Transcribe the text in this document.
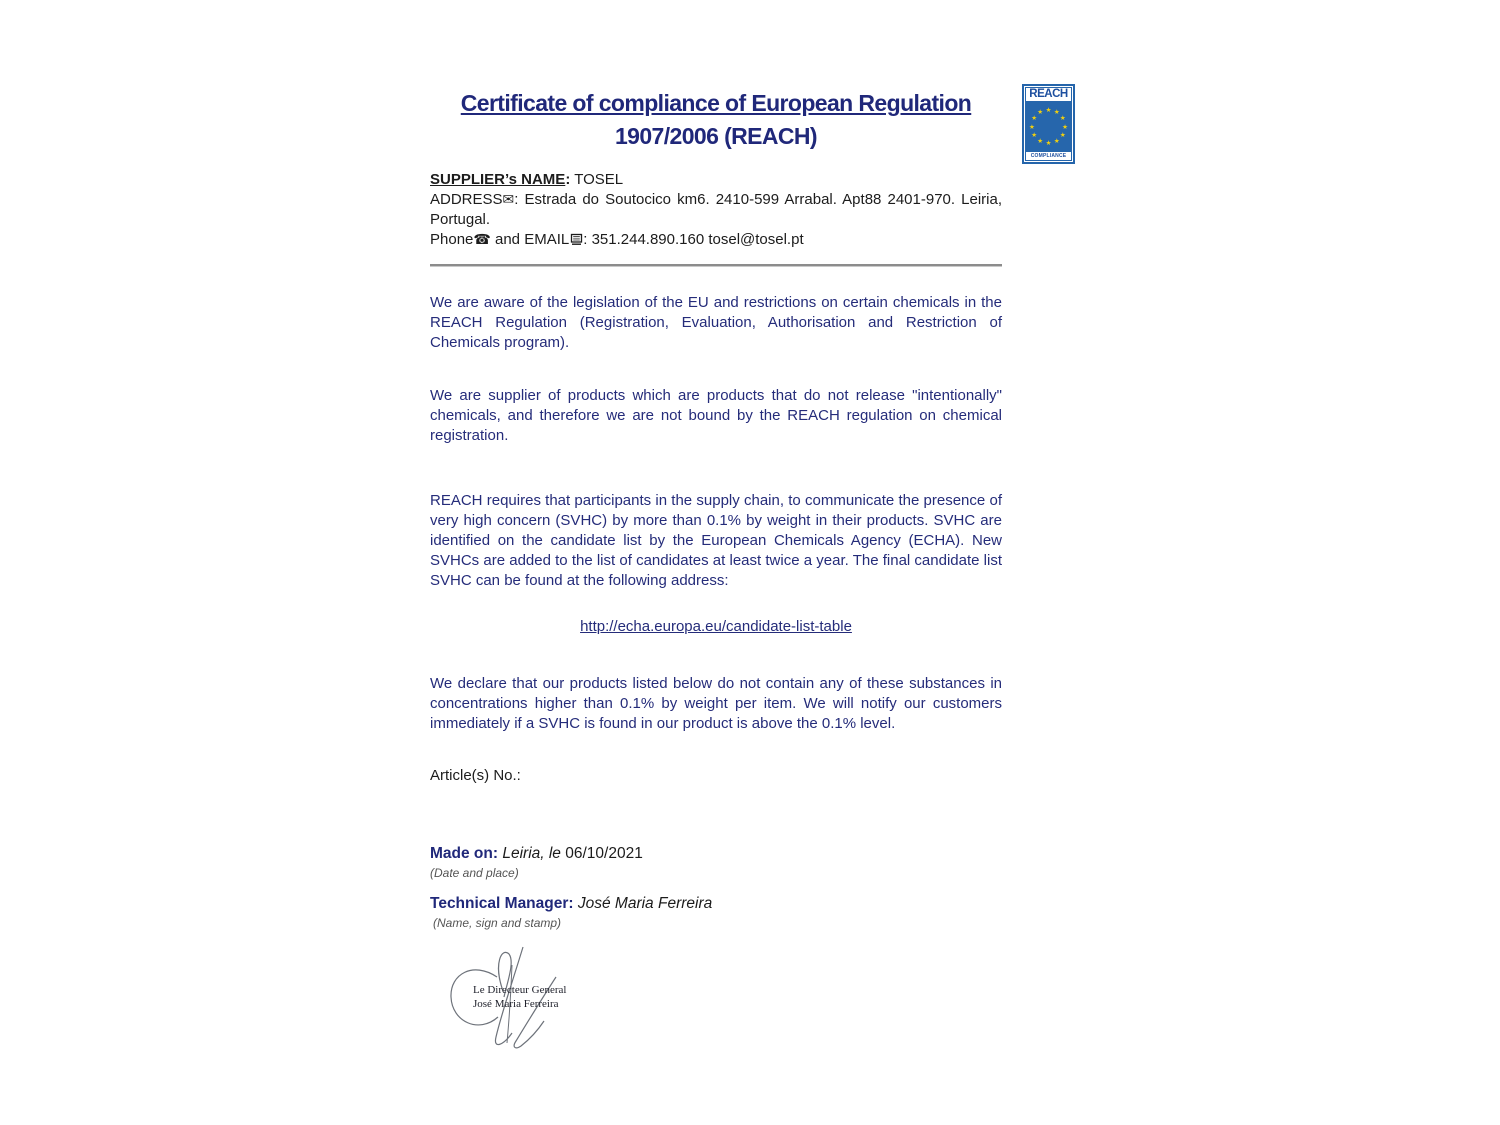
REACH
★ ★
★
★
★
★
★
★
★
★
★
★
COMPLIANCE
Certificate of compliance of European Regulation
1907/2006 (REACH)
SUPPLIER’s NAME: TOSEL
ADDRESS✉: Estrada do Soutocico km6. 2410-599 Arrabal. Apt88 2401-970. Leiria, Portugal.
Phone☎ and EMAIL : 351.244.890.160 tosel@tosel.pt

We are aware of the legislation of the EU and restrictions on certain chemicals in the REACH Regulation (Registration, Evaluation, Authorisation and Restriction of Chemicals program).

We are supplier of products which are products that do not release "intentionally" chemicals, and therefore we are not bound by the REACH regulation on chemical registration.

REACH requires that participants in the supply chain, to communicate the presence of very high concern (SVHC) by more than 0.1% by weight in their products. SVHC are identified on the candidate list by the European Chemicals Agency (ECHA). New SVHCs are added to the list of candidates at least twice a year. The final candidate list SVHC can be found at the following address:

http://echa.europa.eu/candidate-list-table

We declare that our products listed below do not contain any of these substances in concentrations higher than 0.1% by weight per item. We will notify our customers immediately if a SVHC is found in our product is above the 0.1% level.

Article(s) No.:

Made on: Leiria, le 06/10/2021
(Date and place)
Technical Manager: José Maria Ferreira
(Name, sign and stamp)
Le Directeur General
José Maria Ferreira
